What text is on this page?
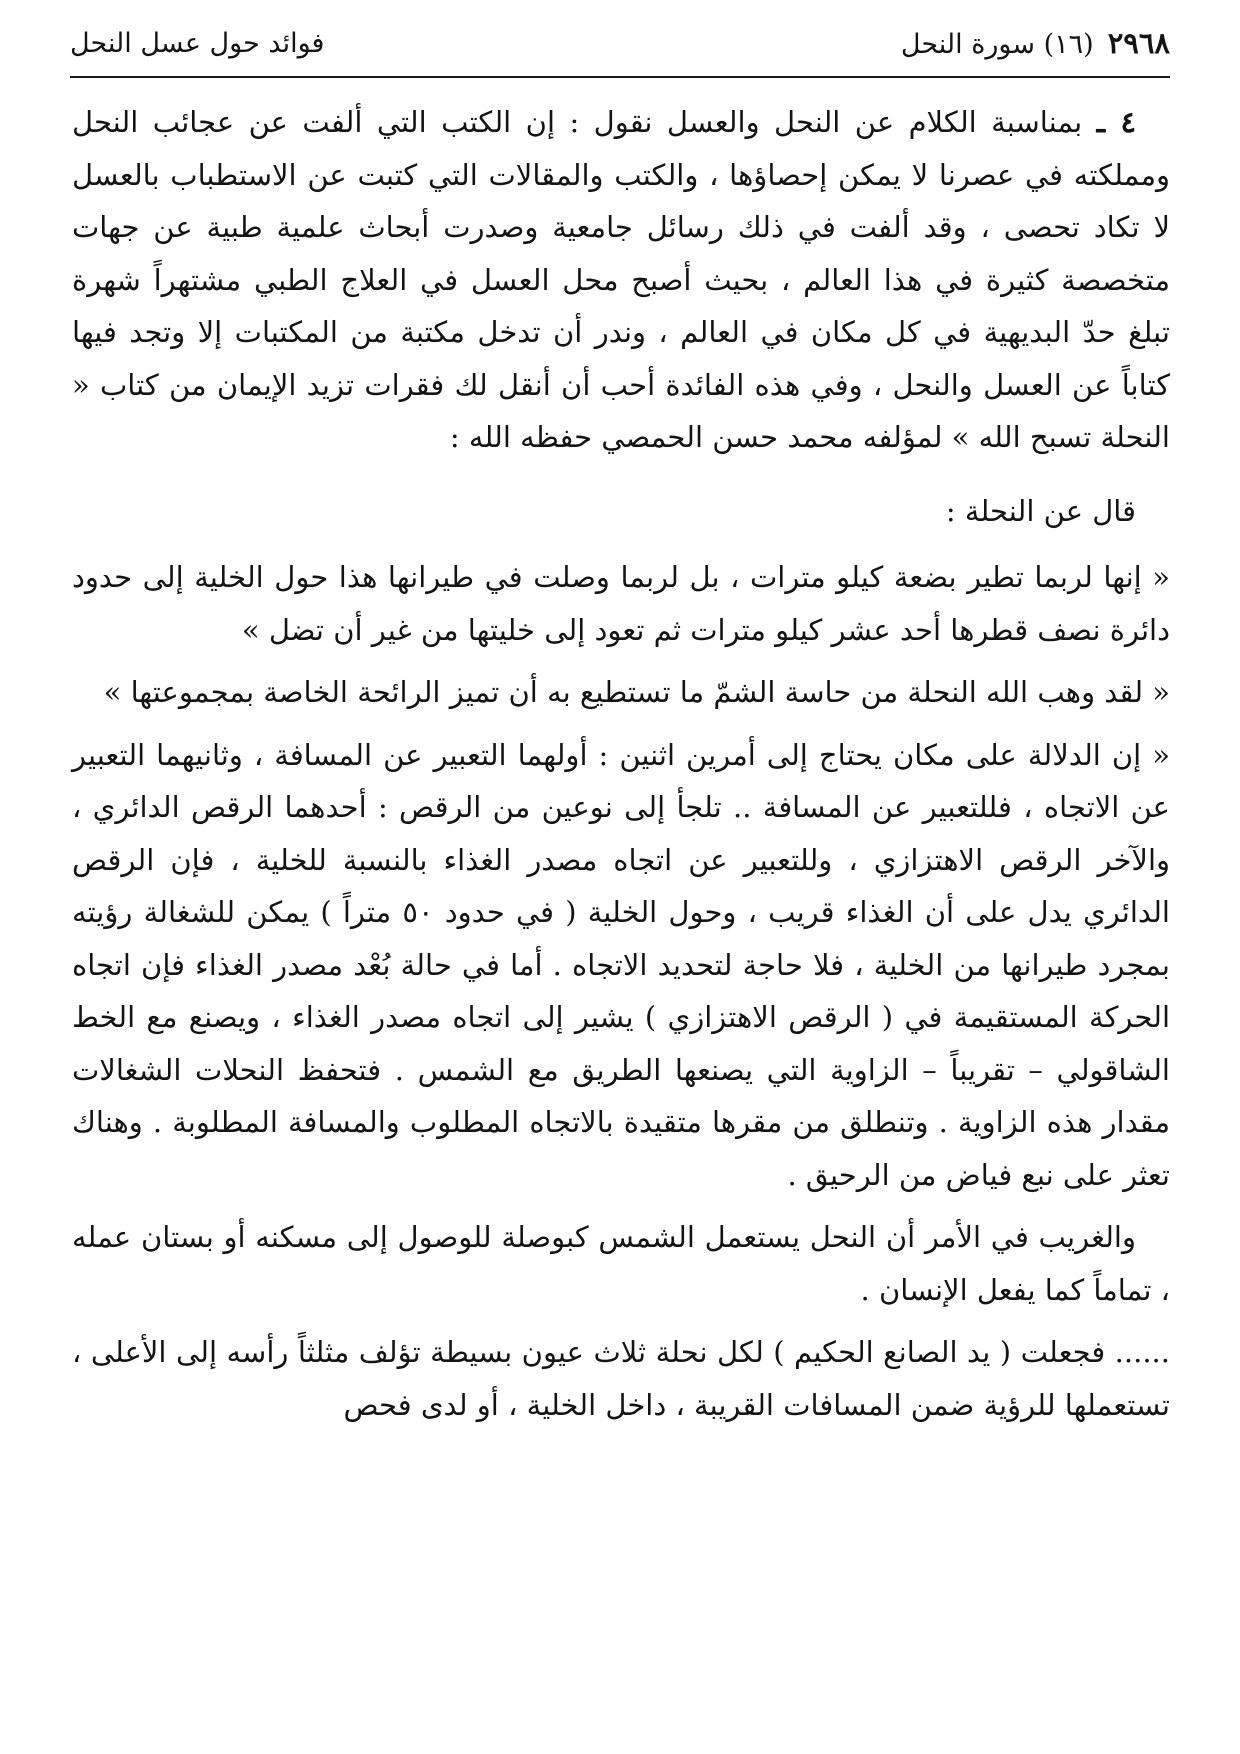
٢٩٦٨
(١٦) سورة النحل
فوائد حول عسل النحل

٤ ـ بمناسبة الكلام عن النحل والعسل نقول : إن الكتب التي ألفت عن عجائب النحل ومملكته في عصرنا لا يمكن إحصاؤها ، والكتب والمقالات التي كتبت عن الاستطباب بالعسل لا تكاد تحصى ، وقد ألفت في ذلك رسائل جامعية وصدرت أبحاث علمية طبية عن جهات متخصصة كثيرة في هذا العالم ، بحيث أصبح محل العسل في العلاج الطبي مشتهراً شهرة تبلغ حدّ البديهية في كل مكان في العالم ، وندر أن تدخل مكتبة من المكتبات إلا وتجد فيها كتاباً عن العسل والنحل ، وفي هذه الفائدة أحب أن أنقل لك فقرات تزيد الإيمان من كتاب « النحلة تسبح الله » لمؤلفه محمد حسن الحمصي حفظه الله :

قال عن النحلة :

« إنها لربما تطير بضعة كيلو مترات ، بل لربما وصلت في طيرانها هذا حول الخلية إلى حدود دائرة نصف قطرها أحد عشر كيلو مترات ثم تعود إلى خليتها من غير أن تضل »

« لقد وهب الله النحلة من حاسة الشمّ ما تستطيع به أن تميز الرائحة الخاصة بمجموعتها »

« إن الدلالة على مكان يحتاج إلى أمرين اثنين : أولهما التعبير عن المسافة ، وثانيهما التعبير عن الاتجاه ، فللتعبير عن المسافة .. تلجأ إلى نوعين من الرقص : أحدهما الرقص الدائري ، والآخر الرقص الاهتزازي ، وللتعبير عن اتجاه مصدر الغذاء بالنسبة للخلية ، فإن الرقص الدائري يدل على أن الغذاء قريب ، وحول الخلية ( في حدود ٥٠ متراً ) يمكن للشغالة رؤيته بمجرد طيرانها من الخلية ، فلا حاجة لتحديد الاتجاه . أما في حالة بُعْد مصدر الغذاء فإن اتجاه الحركة المستقيمة في ( الرقص الاهتزازي ) يشير إلى اتجاه مصدر الغذاء ، ويصنع مع الخط الشاقولي – تقريباً – الزاوية التي يصنعها الطريق مع الشمس . فتحفظ النحلات الشغالات مقدار هذه الزاوية . وتنطلق من مقرها متقيدة بالاتجاه المطلوب والمسافة المطلوبة . وهناك تعثر على نبع فياض من الرحيق .

والغريب في الأمر أن النحل يستعمل الشمس كبوصلة للوصول إلى مسكنه أو بستان عمله ، تماماً كما يفعل الإنسان .

...... فجعلت ( يد الصانع الحكيم ) لكل نحلة ثلاث عيون بسيطة تؤلف مثلثاً رأسه إلى الأعلى ، تستعملها للرؤية ضمن المسافات القريبة ، داخل الخلية ، أو لدى فحص
